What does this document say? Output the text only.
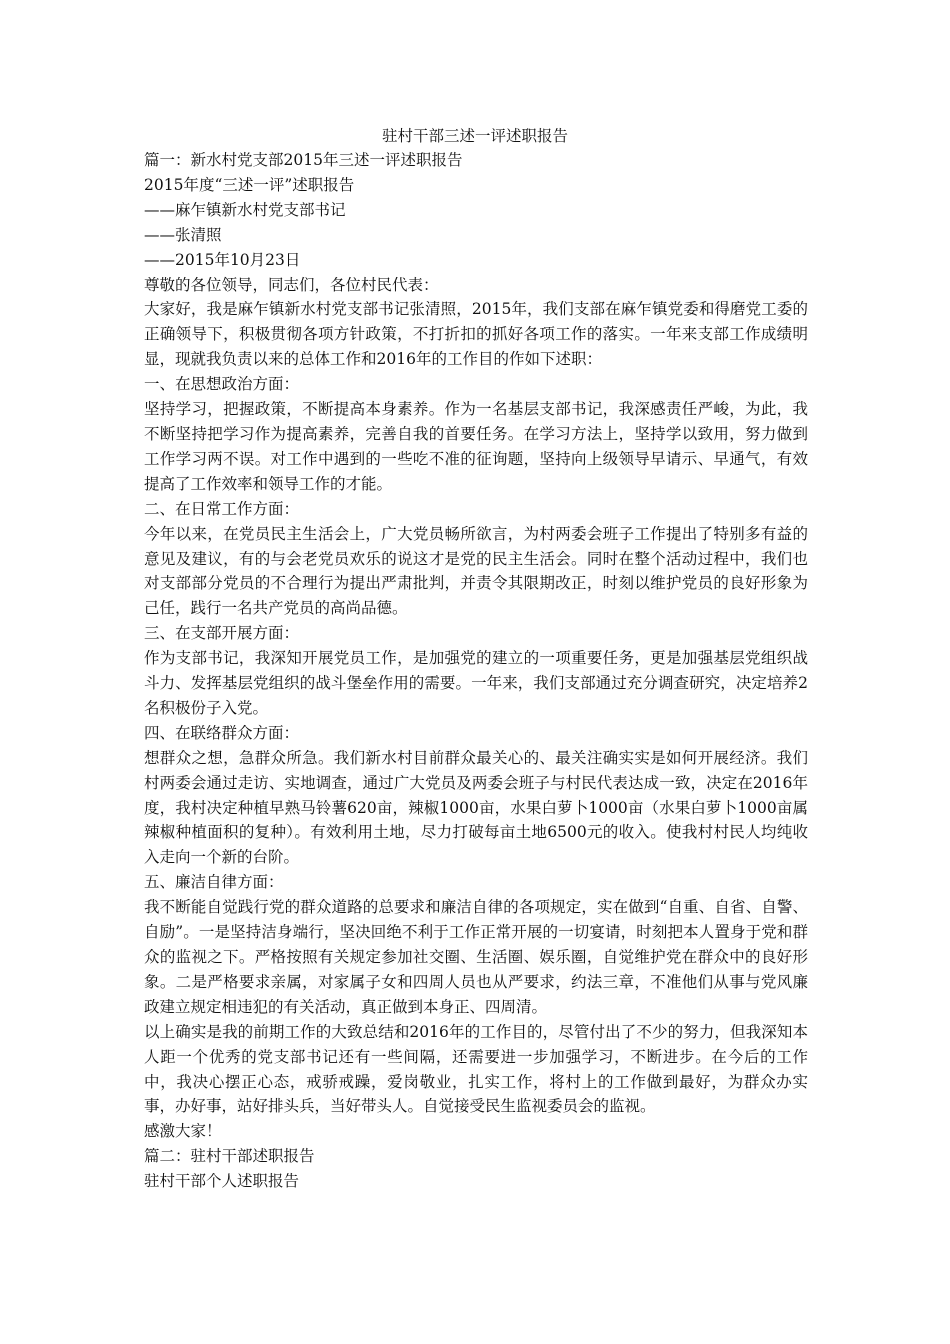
驻村干部三述一评述职报告

篇一：新水村党支部2015年三述一评述职报告

2015年度“三述一评”述职报告

——麻乍镇新水村党支部书记

——张清照

——2015年10月23日

尊敬的各位领导，同志们，各位村民代表：

大家好，我是麻乍镇新水村党支部书记张清照，2015年，我们支部在麻乍镇党委和得磨党工委的正确领导下，积极贯彻各项方针政策，不打折扣的抓好各项工作的落实。一年来支部工作成绩明显，现就我负责以来的总体工作和2016年的工作目的作如下述职：

一、在思想政治方面：

坚持学习，把握政策，不断提高本身素养。作为一名基层支部书记，我深感责任严峻，为此，我不断坚持把学习作为提高素养，完善自我的首要任务。在学习方法上，坚持学以致用，努力做到工作学习两不误。对工作中遇到的一些吃不准的征询题，坚持向上级领导早请示、早通气，有效提高了工作效率和领导工作的才能。

二、在日常工作方面：

今年以来，在党员民主生活会上，广大党员畅所欲言，为村两委会班子工作提出了特别多有益的意见及建议，有的与会老党员欢乐的说这才是党的民主生活会。同时在整个活动过程中，我们也对支部部分党员的不合理行为提出严肃批判，并责令其限期改正，时刻以维护党员的良好形象为己任，践行一名共产党员的高尚品德。

三、在支部开展方面：

作为支部书记，我深知开展党员工作，是加强党的建立的一项重要任务，更是加强基层党组织战斗力、发挥基层党组织的战斗堡垒作用的需要。一年来，我们支部通过充分调查研究，决定培养2名积极份子入党。

四、在联络群众方面：

想群众之想，急群众所急。我们新水村目前群众最关心的、最关注确实实是如何开展经济。我们村两委会通过走访、实地调查，通过广大党员及两委会班子与村民代表达成一致，决定在2016年度，我村决定种植早熟马铃薯620亩，辣椒1000亩，水果白萝卜1000亩（水果白萝卜1000亩属辣椒种植面积的复种）。有效利用土地，尽力打破每亩土地6500元的收入。使我村村民人均纯收入走向一个新的台阶。

五、廉洁自律方面：

我不断能自觉践行党的群众道路的总要求和廉洁自律的各项规定，实在做到“自重、自省、自警、自励”。一是坚持洁身端行，坚决回绝不利于工作正常开展的一切宴请，时刻把本人置身于党和群众的监视之下。严格按照有关规定参加社交圈、生活圈、娱乐圈，自觉维护党在群众中的良好形象。二是严格要求亲属，对家属子女和四周人员也从严要求，约法三章，不准他们从事与党风廉政建立规定相违犯的有关活动，真正做到本身正、四周清。

以上确实是我的前期工作的大致总结和2016年的工作目的，尽管付出了不少的努力，但我深知本人距一个优秀的党支部书记还有一些间隔，还需要进一步加强学习，不断进步。在今后的工作中，我决心摆正心态，戒骄戒躁，爱岗敬业，扎实工作，将村上的工作做到最好，为群众办实事，办好事，站好排头兵，当好带头人。自觉接受民生监视委员会的监视。

感激大家！

篇二：驻村干部述职报告

驻村干部个人述职报告
